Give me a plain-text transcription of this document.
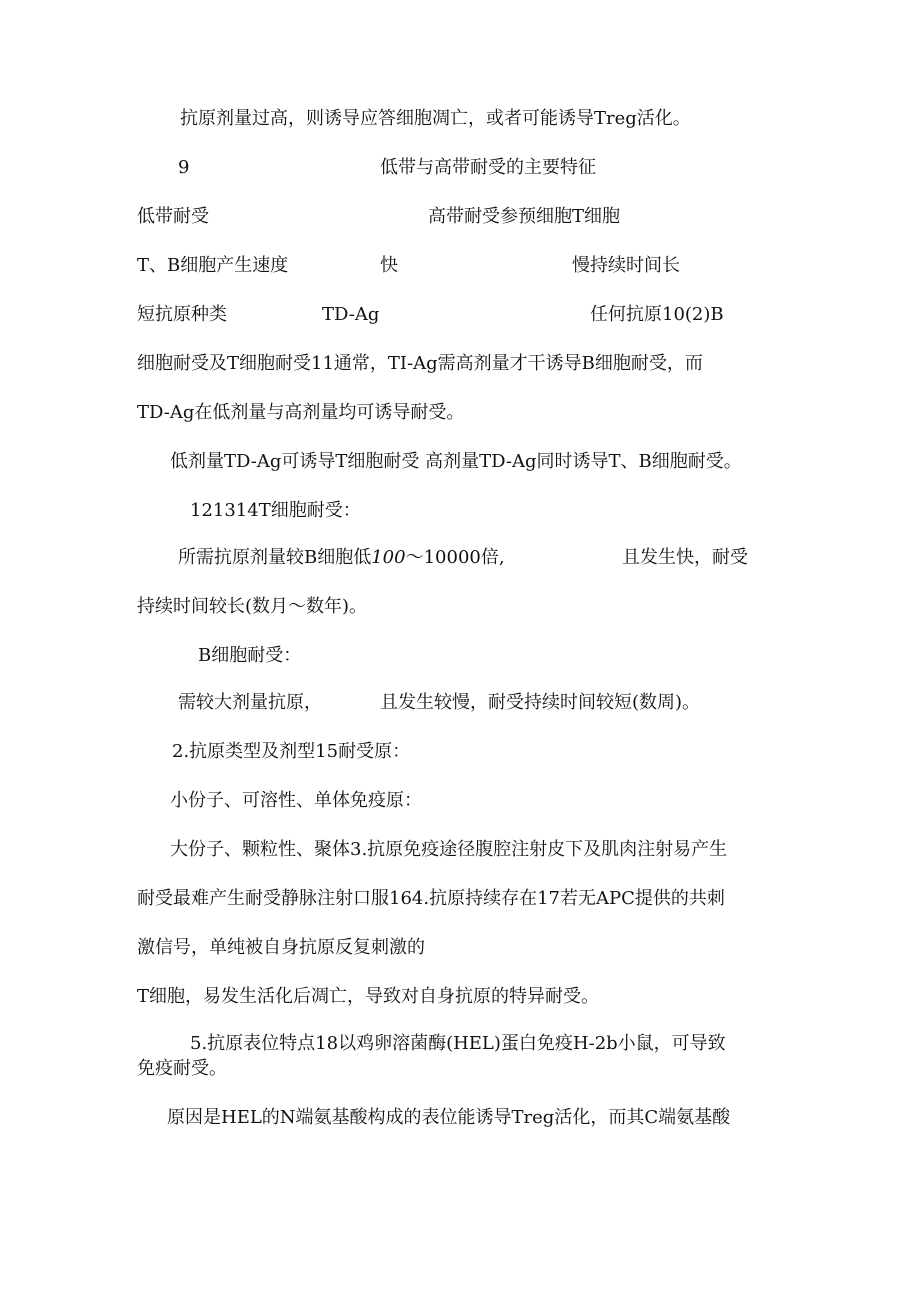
抗原剂量过高，则诱导应答细胞凋亡，或者可能诱导Treg活化。
9	低带与高带耐受的主要特征
低带耐受	高带耐受参预细胞T细胞
T、B细胞产生速度	快	慢持续时间长
短抗原种类	TD-Ag	任何抗原10(2)B
细胞耐受及T细胞耐受11通常，TI-Ag需高剂量才干诱导B细胞耐受，而
TD-Ag在低剂量与高剂量均可诱导耐受。
低剂量TD-Ag可诱导T细胞耐受 高剂量TD-Ag同时诱导T、B细胞耐受。
121314T细胞耐受：
所需抗原剂量较B细胞低100～10000倍,	且发生快，耐受
持续时间较长(数月～数年)。
B细胞耐受：
需较大剂量抗原，	且发生较慢，耐受持续时间较短(数周)。
2.抗原类型及剂型15耐受原：
小份子、可溶性、单体免疫原：
大份子、颗粒性、聚体3.抗原免疫途径腹腔注射皮下及肌肉注射易产生
耐受最难产生耐受静脉注射口服164.抗原持续存在17若无APC提供的共刺
激信号，单纯被自身抗原反复刺激的
T细胞，易发生活化后凋亡，导致对自身抗原的特异耐受。
5.抗原表位特点18以鸡卵溶菌酶(HEL)蛋白免疫H-2b小鼠，可导致
免疫耐受。
原因是HEL的N端氨基酸构成的表位能诱导Treg活化，而其C端氨基酸
